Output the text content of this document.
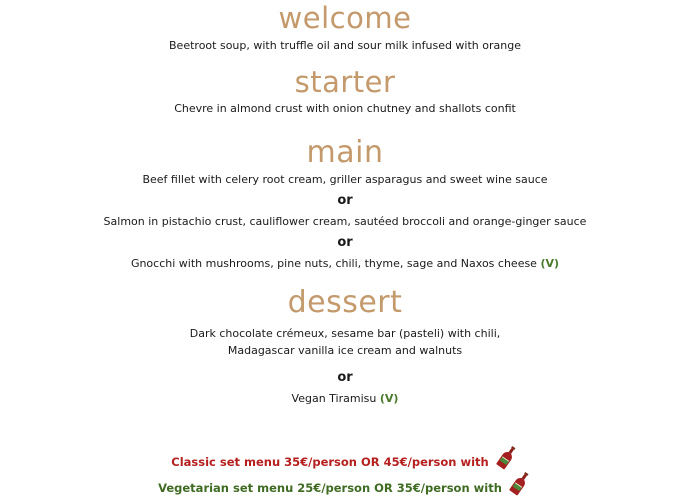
welcome
Beetroot soup, with truffle oil and sour milk infused with orange
starter
Chevre in almond crust with onion chutney and shallots confit
main
Beef fillet with celery root cream, griller asparagus and sweet wine sauce
or
Salmon in pistachio crust, cauliflower cream, sautéed broccoli and orange-ginger sauce
or
Gnocchi with mushrooms, pine nuts, chili, thyme, sage and Naxos cheese (V)
dessert
Dark chocolate crémeux, sesame bar (pasteli) with chili,
Madagascar vanilla ice cream and walnuts
or
Vegan Tiramisu (V)
Classic set menu 35€/person OR 45€/person with
Vegetarian set menu 25€/person OR 35€/person with
